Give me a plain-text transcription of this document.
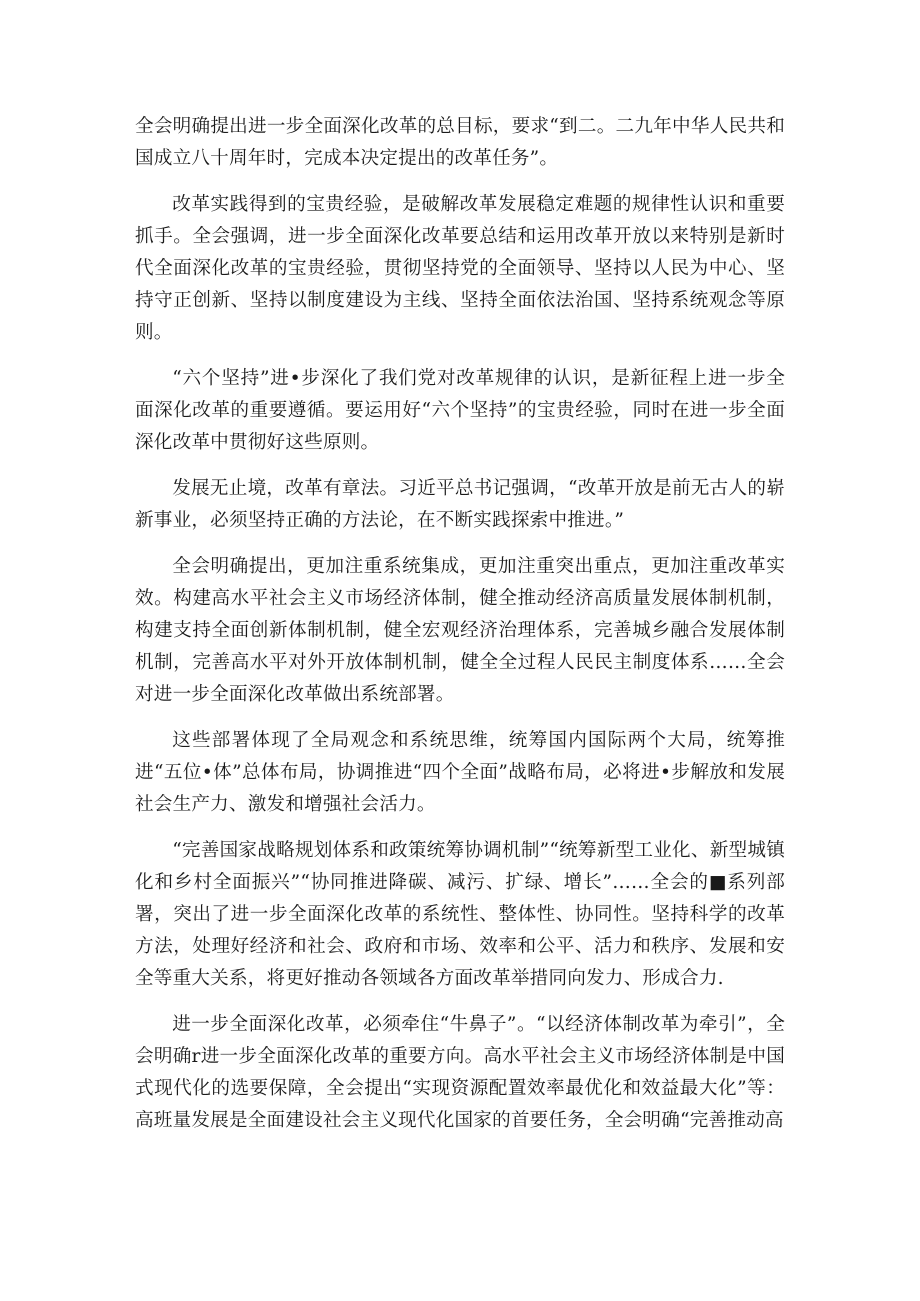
全会明确提出进一步全面深化改革的总目标，要求“到二。二九年中华人民共和国成立八十周年时，完成本决定提出的改革任务”。

改革实践得到的宝贵经验，是破解改革发展稳定难题的规律性认识和重要抓手。全会强调，进一步全面深化改革要总结和运用改革开放以来特别是新时代全面深化改革的宝贵经验，贯彻坚持党的全面领导、坚持以人民为中心、坚持守正创新、坚持以制度建设为主线、坚持全面依法治国、坚持系统观念等原则。

“六个坚持”进•步深化了我们党对改革规律的认识，是新征程上进一步全面深化改革的重要遵循。要运用好“六个坚持”的宝贵经验，同时在进一步全面深化改革中贯彻好这些原则。

发展无止境，改革有章法。习近平总书记强调，“改革开放是前无古人的崭新事业，必须坚持正确的方法论，在不断实践探索中推进。”

全会明确提出，更加注重系统集成，更加注重突出重点，更加注重改革实效。构建高水平社会主义市场经济体制，健全推动经济高质量发展体制机制，构建支持全面创新体制机制，健全宏观经济治理体系，完善城乡融合发展体制机制，完善高水平对外开放体制机制，健全全过程人民民主制度体系……全会对进一步全面深化改革做出系统部署。

这些部署体现了全局观念和系统思维，统筹国内国际两个大局，统筹推进“五位•体”总体布局，协调推进“四个全面”战略布局，必将进•步解放和发展社会生产力、激发和增强社会活力。

“完善国家战略规划体系和政策统筹协调机制”“统筹新型工业化、新型城镇化和乡村全面振兴”“协同推进降碳、减污、扩绿、增长”……全会的■系列部署，突出了进一步全面深化改革的系统性、整体性、协同性。坚持科学的改革方法，处理好经济和社会、政府和市场、效率和公平、活力和秩序、发展和安全等重大关系，将更好推动各领域各方面改革举措同向发力、形成合力.

进一步全面深化改革，必须牵住“牛鼻子”。“以经济体制改革为牵引”，全会明确r进一步全面深化改革的重要方向。高水平社会主义市场经济体制是中国式现代化的选要保障，全会提出“实现资源配置效率最优化和效益最大化”等：高班量发展是全面建设社会主义现代化国家的首要任务，全会明确“完善推动高
